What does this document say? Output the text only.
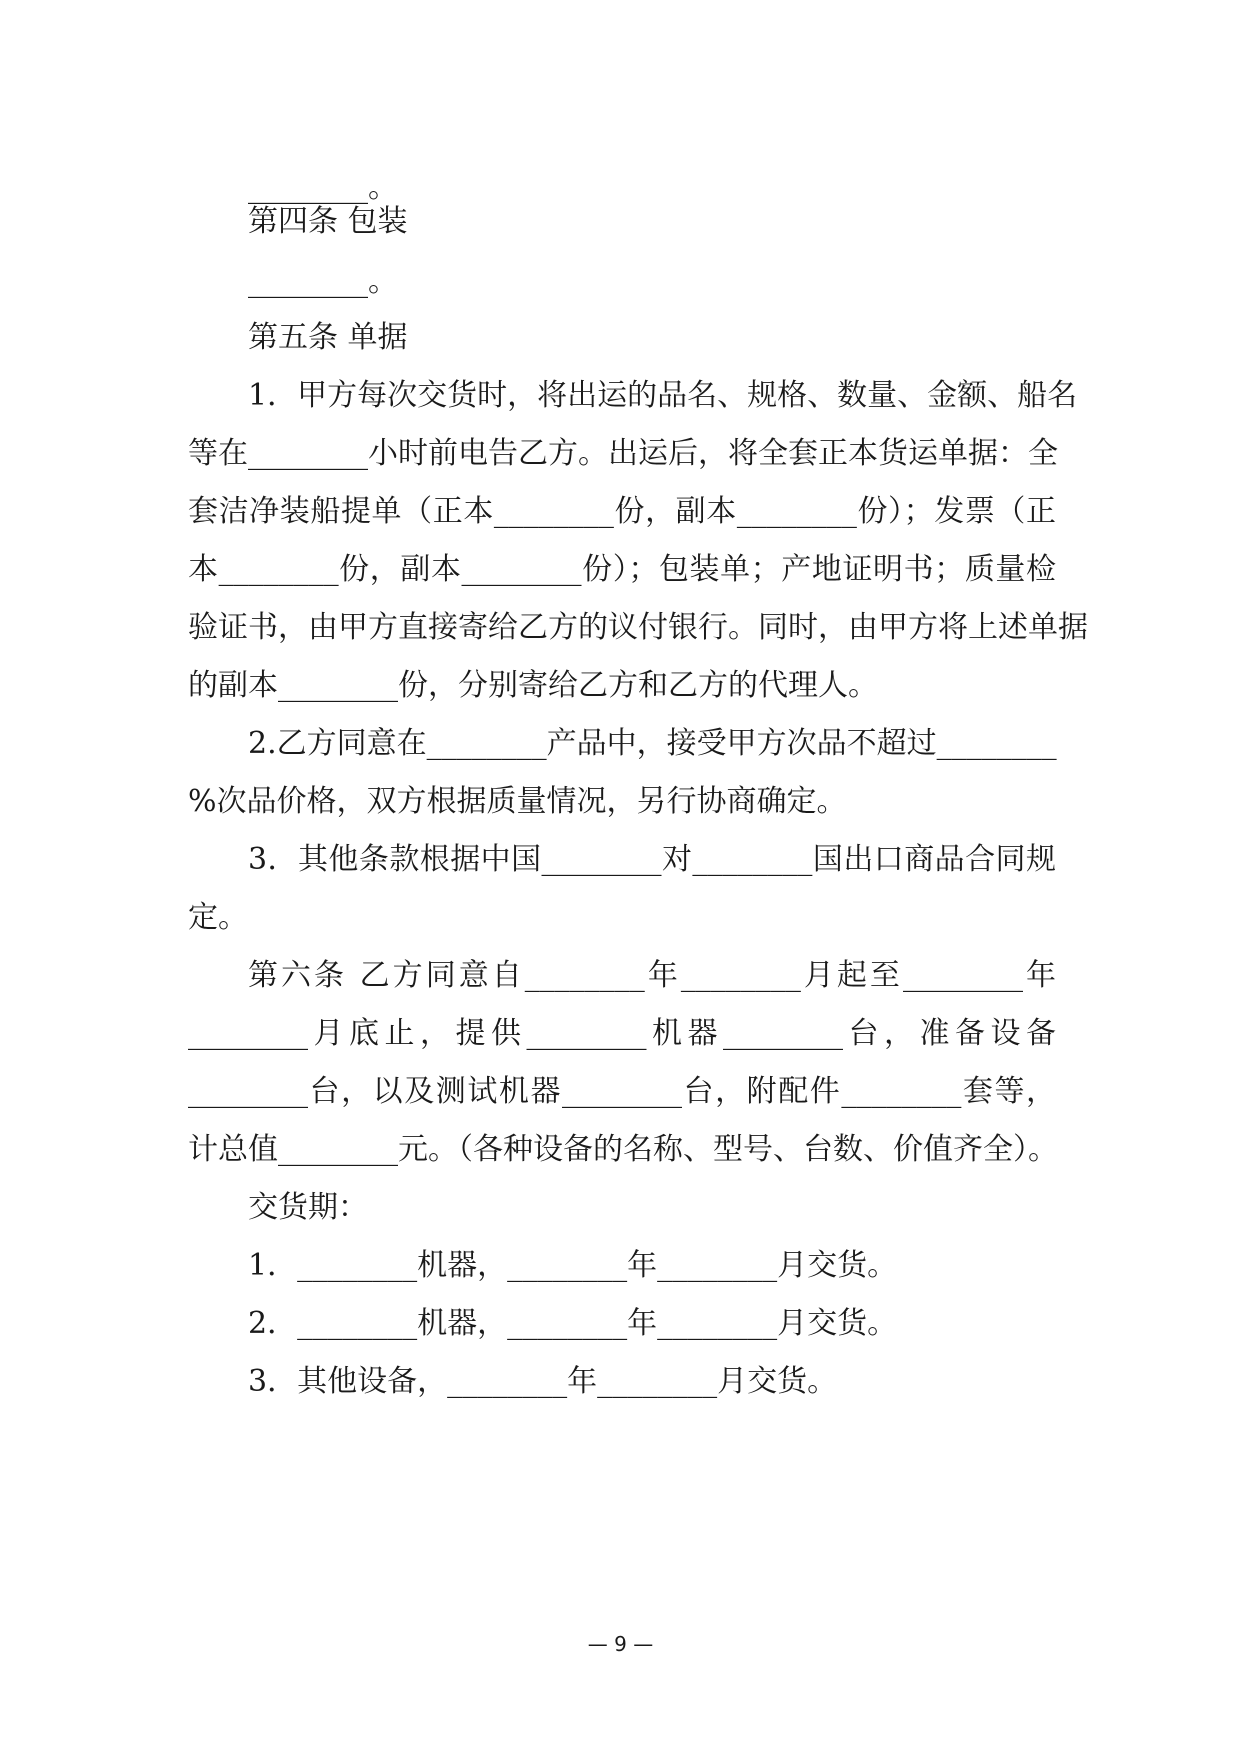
________。
第四条 包装
________。
第五条 单据
1．甲方每次交货时，将出运的品名、规格、数量、金额、船名
等在________小时前电告乙方。出运后，将全套正本货运单据：全
套洁净装船提单（正本________份，副本________份）；发票（正
本________份，副本________份）；包装单；产地证明书；质量检
验证书，由甲方直接寄给乙方的议付银行。同时，由甲方将上述单据
的副本________份，分别寄给乙方和乙方的代理人。
2.乙方同意在________产品中，接受甲方次品不超过________
%次品价格，双方根据质量情况，另行协商确定。
3．其他条款根据中国________对________国出口商品合同规
定。
第六条 乙方同意自________年________月起至________年
________月底止，提供________机器________台，准备设备
________台，以及测试机器________台，附配件________套等，
计总值________元。（各种设备的名称、型号、台数、价值齐全）。
交货期：
1．________机器，________年________月交货。
2．________机器，________年________月交货。
3．其他设备，________年________月交货。
— 9 —
